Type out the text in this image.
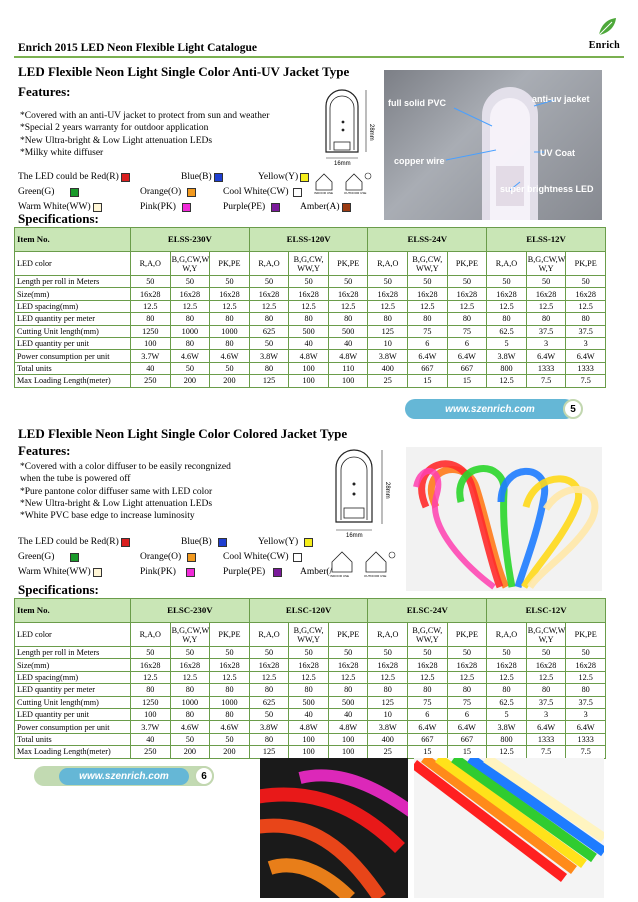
Enrich
Enrich 2015 LED Neon Flexible Light Catalogue
LED Flexible Neon Light Single Color Anti-UV Jacket Type
Features:
*Covered with an anti-UV jacket to protect from sun and weather
*Special 2 years warranty for outdoor application
*New Ultra-bright & Low Light attenuation LEDs
*Milky white diffuser
28mm
16mm
INDOOR USE	OUTDOOR USE
full solid PVC	anti-uv jacket
copper wire
UV Coat
super brightness LED
The LED could be Red(R)	Blue(B)	Yellow(Y)
Green(G)	Orange(O)	Cool White(CW)
Warm White(WW)	Pink(PK)	Purple(PE)	Amber(A)
Specifications:
Item No.	ELSS-230V			ELSS-120V			ELSS-24V			ELSS-12V		
LED color	R,A,O	B,G,CW,W W,Y	PK,PE	R,A,O	B,G,CW, WW,Y	PK,PE	R,A,O	B,G,CW, WW,Y	PK,PE	R,A,O	B,G,CW,W W,Y	PK,PE
Length per roll in Meters	50	50	50	50	50	50	50	50	50	50	50	50
Size(mm)	16x28	16x28	16x28	16x28	16x28	16x28	16x28	16x28	16x28	16x28	16x28	16x28
LED spacing(mm)	12.5	12.5	12.5	12.5	12.5	12.5	12.5	12.5	12.5	12.5	12.5	12.5
LED quantity per meter	80	80	80	80	80	80	80	80	80	80	80	80
Cutting Unit length(mm)	1250	1000	1000	625	500	500	125	75	75	62.5	37.5	37.5
LED quantity per unit	100	80	80	50	40	40	10	6	6	5	3	3
Power consumption per unit	3.7W	4.6W	4.6W	3.8W	4.8W	4.8W	3.8W	6.4W	6.4W	3.8W	6.4W	6.4W
Total units	40	50	50	80	100	110	400	667	667	800	1333	1333
Max Loading Length(meter)	250	200	200	125	100	100	25	15	15	12.5	7.5	7.5
www.szenrich.com	5
LED Flexible Neon Light Single Color Colored Jacket Type
Features:
*Covered with a color diffuser to be easily recongnized
when the tube is powered off
*Pure pantone color diffuser same with LED color
*New Ultra-bright & Low Light attenuation LEDs
*White PVC base edge to increase luminosity
28mm
16mm
INDOOR USE	OUTDOOR USE
The LED could be Red(R)	Blue(B)	Yellow(Y)
Green(G)	Orange(O)	Cool White(CW)
Warm White(WW)	Pink(PK)	Purple(PE)	Amber(/
Specifications:
Item No.	ELSC-230V			ELSC-120V			ELSC-24V			ELSC-12V		
LED color	R,A,O	B,G,CW,W W,Y	PK,PE	R,A,O	B,G,CW, WW,Y	PK,PE	R,A,O	B,G,CW, WW,Y	PK,PE	R,A,O	B,G,CW,W W,Y	PK,PE
Length per roll in Meters	50	50	50	50	50	50	50	50	50	50	50	50
Size(mm)	16x28	16x28	16x28	16x28	16x28	16x28	16x28	16x28	16x28	16x28	16x28	16x28
LED spacing(mm)	12.5	12.5	12.5	12.5	12.5	12.5	12.5	12.5	12.5	12.5	12.5	12.5
LED quantity per meter	80	80	80	80	80	80	80	80	80	80	80	80
Cutting Unit length(mm)	1250	1000	1000	625	500	500	125	75	75	62.5	37.5	37.5
LED quantity per unit	100	80	80	50	40	40	10	6	6	5	3	3
Power consumption per unit	3.7W	4.6W	4.6W	3.8W	4.8W	4.8W	3.8W	6.4W	6.4W	3.8W	6.4W	6.4W
Total units	40	50	50	80	100	100	400	667	667	800	1333	1333
Max Loading Length(meter)	250	200	200	125	100	100	25	15	15	12.5	7.5	7.5
www.szenrich.com	6
